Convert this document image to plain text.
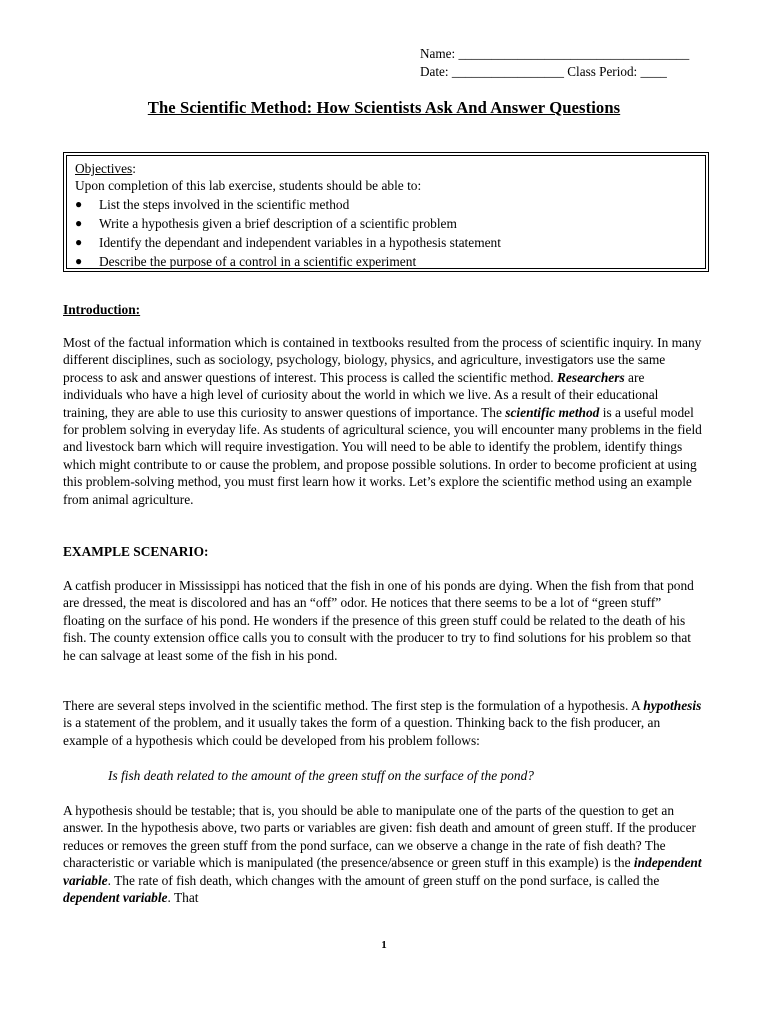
Name: ___________________________________
Date: _________________ Class Period: ____
The Scientific Method: How Scientists Ask And Answer Questions
Objectives:
Upon completion of this lab exercise, students should be able to:
● List the steps involved in the scientific method
● Write a hypothesis given a brief description of a scientific problem
● Identify the dependant and independent variables in a hypothesis statement
● Describe the purpose of a control in a scientific experiment
Introduction:

Most of the factual information which is contained in textbooks resulted from the process of scientific inquiry. In many different disciplines, such as sociology, psychology, biology, physics, and agriculture, investigators use the same process to ask and answer questions of interest. This process is called the scientific method. Researchers are individuals who have a high level of curiosity about the world in which we live. As a result of their educational training, they are able to use this curiosity to answer questions of importance. The scientific method is a useful model for problem solving in everyday life. As students of agricultural science, you will encounter many problems in the field and livestock barn which will require investigation. You will need to be able to identify the problem, identify things which might contribute to or cause the problem, and propose possible solutions. In order to become proficient at using this problem-solving method, you must first learn how it works. Let’s explore the scientific method using an example from animal agriculture.

EXAMPLE SCENARIO:

A catfish producer in Mississippi has noticed that the fish in one of his ponds are dying. When the fish from that pond are dressed, the meat is discolored and has an “off” odor. He notices that there seems to be a lot of “green stuff” floating on the surface of his pond. He wonders if the presence of this green stuff could be related to the death of his fish. The county extension office calls you to consult with the producer to try to find solutions for his problem so that he can salvage at least some of the fish in his pond.

There are several steps involved in the scientific method. The first step is the formulation of a hypothesis. A hypothesis is a statement of the problem, and it usually takes the form of a question. Thinking back to the fish producer, an example of a hypothesis which could be developed from his problem follows:

Is fish death related to the amount of the green stuff on the surface of the pond?

A hypothesis should be testable; that is, you should be able to manipulate one of the parts of the question to get an answer. In the hypothesis above, two parts or variables are given: fish death and amount of green stuff. If the producer reduces or removes the green stuff from the pond surface, can we observe a change in the rate of fish death? The characteristic or variable which is manipulated (the presence/absence or green stuff in this example) is the independent variable. The rate of fish death, which changes with the amount of green stuff on the pond surface, is called the dependent variable. That

1
